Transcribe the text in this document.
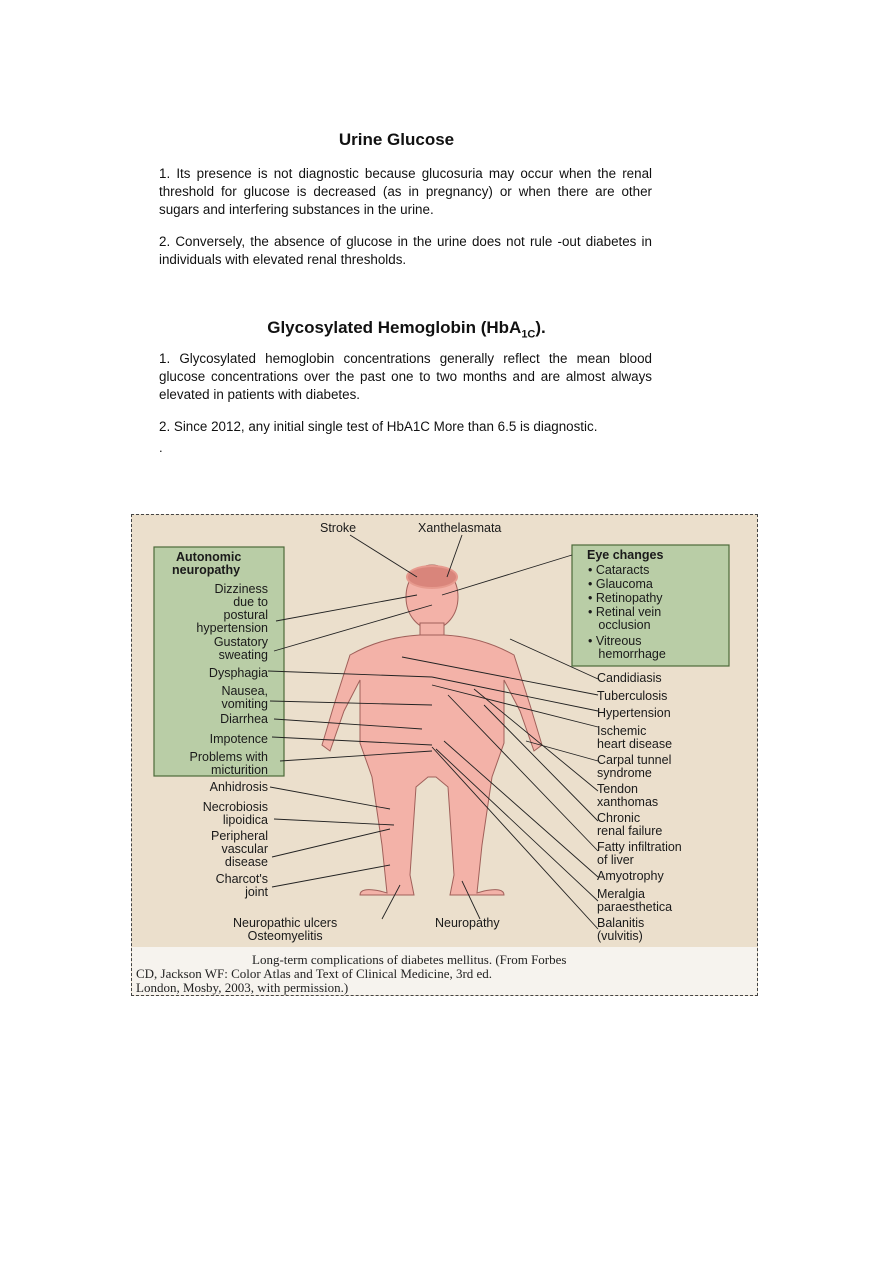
Urine Glucose
1. Its presence is not diagnostic because glucosuria may occur when the renal threshold for glucose is decreased (as in pregnancy) or when there are other sugars and interfering substances in the urine.
2. Conversely, the absence of glucose in the urine does not rule -out diabetes in individuals with elevated renal thresholds.
Glycosylated Hemoglobin (HbA$_{1C}$).
1. Glycosylated hemoglobin concentrations generally reflect the mean blood glucose concentrations over the past one to two months and are almost always elevated in patients with diabetes.
2. Since 2012, any initial single test of HbA1C More than 6.5 is diagnostic.
.
Stroke	Xanthelasmata
Autonomic
neuropathy
Dizziness
due to
postural
hypertension
Gustatory
sweating
Dysphagia
Nausea,
vomiting
Diarrhea
Impotence
Problems with
micturition
Anhidrosis
Necrobiosis
lipoidica
Peripheral
vascular
disease
Charcot's
joint
Neuropathic ulcers
Osteomyelitis
Neuropathy
Eye changes
• Cataracts
• Glaucoma
• Retinopathy
• Retinal vein
occlusion
• Vitreous
hemorrhage
Candidiasis
Tuberculosis
Hypertension
Ischemic
heart disease
Carpal tunnel
syndrome
Tendon
xanthomas
Chronic
renal failure
Fatty infiltration
of liver
Amyotrophy
Meralgia
paraesthetica
Balanitis
(vulvitis)
Long-term complications of diabetes mellitus. (From Forbes
CD, Jackson WF: Color Atlas and Text of Clinical Medicine, 3rd ed.
London, Mosby, 2003, with permission.)
